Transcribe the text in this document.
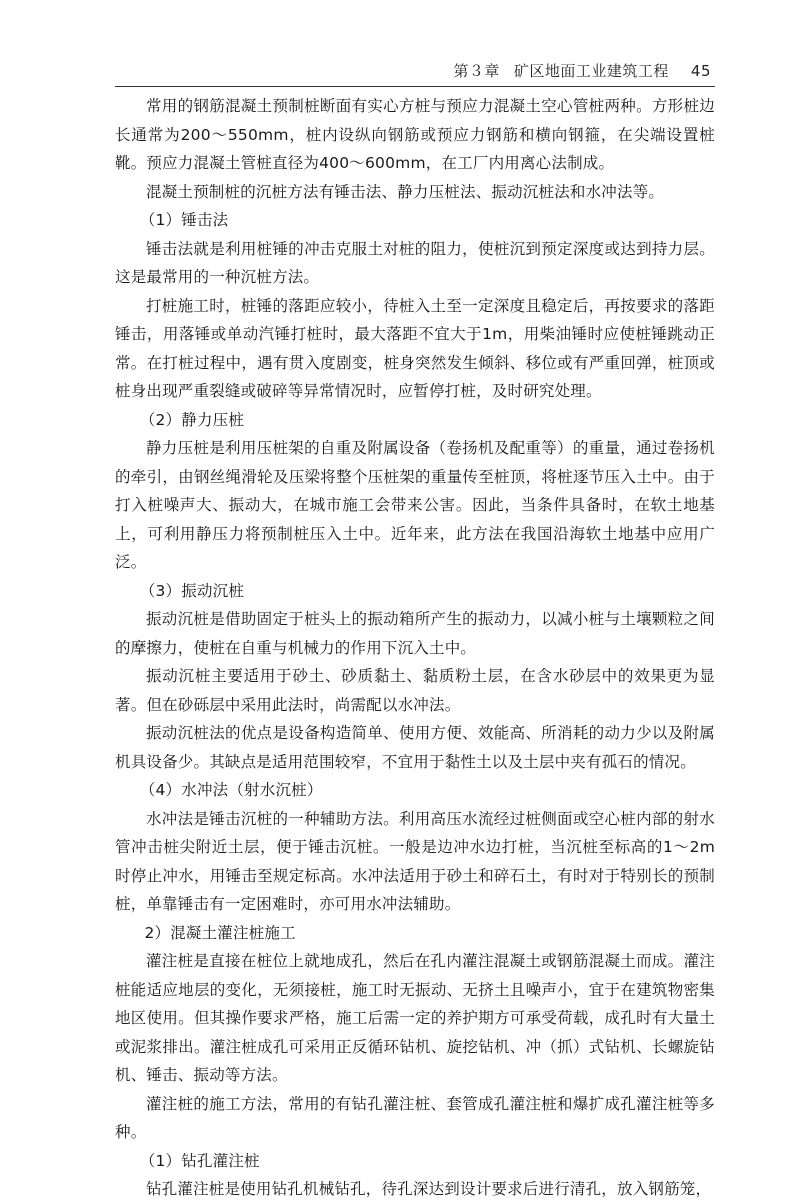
第３章 矿区地面工业建筑工程 45

常用的钢筋混凝土预制桩断面有实心方桩与预应力混凝土空心管桩两种。方形桩边长通常为200～550mm，桩内设纵向钢筋或预应力钢筋和横向钢箍，在尖端设置桩靴。预应力混凝土管桩直径为400～600mm，在工厂内用离心法制成。

混凝土预制桩的沉桩方法有锤击法、静力压桩法、振动沉桩法和水冲法等。

（1）锤击法

锤击法就是利用桩锤的冲击克服土对桩的阻力，使桩沉到预定深度或达到持力层。这是最常用的一种沉桩方法。

打桩施工时，桩锤的落距应较小，待桩入土至一定深度且稳定后，再按要求的落距锤击，用落锤或单动汽锤打桩时，最大落距不宜大于1m，用柴油锤时应使桩锤跳动正常。在打桩过程中，遇有贯入度剧变，桩身突然发生倾斜、移位或有严重回弹，桩顶或桩身出现严重裂缝或破碎等异常情况时，应暂停打桩，及时研究处理。

（2）静力压桩

静力压桩是利用压桩架的自重及附属设备（卷扬机及配重等）的重量，通过卷扬机的牵引，由钢丝绳滑轮及压梁将整个压桩架的重量传至桩顶，将桩逐节压入土中。由于打入桩噪声大、振动大，在城市施工会带来公害。因此，当条件具备时，在软土地基上，可利用静压力将预制桩压入土中。近年来，此方法在我国沿海软土地基中应用广泛。

（3）振动沉桩

振动沉桩是借助固定于桩头上的振动箱所产生的振动力，以减小桩与土壤颗粒之间的摩擦力，使桩在自重与机械力的作用下沉入土中。

振动沉桩主要适用于砂土、砂质黏土、黏质粉土层，在含水砂层中的效果更为显著。但在砂砾层中采用此法时，尚需配以水冲法。

振动沉桩法的优点是设备构造简单、使用方便、效能高、所消耗的动力少以及附属机具设备少。其缺点是适用范围较窄，不宜用于黏性土以及土层中夹有孤石的情况。

（4）水冲法（射水沉桩）

水冲法是锤击沉桩的一种辅助方法。利用高压水流经过桩侧面或空心桩内部的射水管冲击桩尖附近土层，便于锤击沉桩。一般是边冲水边打桩，当沉桩至标高的1～2m时停止冲水，用锤击至规定标高。水冲法适用于砂土和碎石土，有时对于特别长的预制桩，单靠锤击有一定困难时，亦可用水冲法辅助。

2）混凝土灌注桩施工

灌注桩是直接在桩位上就地成孔，然后在孔内灌注混凝土或钢筋混凝土而成。灌注桩能适应地层的变化，无须接桩，施工时无振动、无挤土且噪声小，宜于在建筑物密集地区使用。但其操作要求严格，施工后需一定的养护期方可承受荷载，成孔时有大量土或泥浆排出。灌注桩成孔可采用正反循环钻机、旋挖钻机、冲（抓）式钻机、长螺旋钻机、锤击、振动等方法。

灌注桩的施工方法，常用的有钻孔灌注桩、套管成孔灌注桩和爆扩成孔灌注桩等多种。

（1）钻孔灌注桩

钻孔灌注桩是使用钻孔机械钻孔，待孔深达到设计要求后进行清孔，放入钢筋笼，
